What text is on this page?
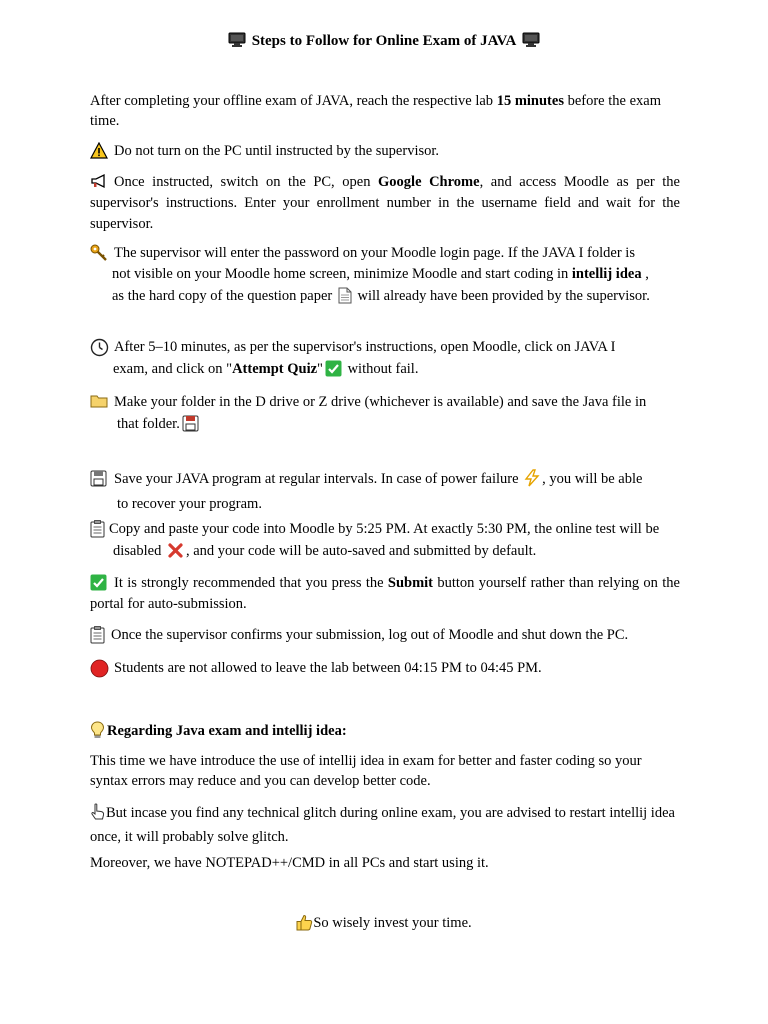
Steps to Follow for Online Exam of JAVA
After completing your offline exam of JAVA, reach the respective lab 15 minutes before the exam time.
Do not turn on the PC until instructed by the supervisor.
Once instructed, switch on the PC, open Google Chrome, and access Moodle as per the supervisor's instructions. Enter your enrollment number in the username field and wait for the supervisor.
The supervisor will enter the password on your Moodle login page. If the JAVA I folder is
not visible on your Moodle home screen, minimize Moodle and start coding in intellij idea ,
as the hard copy of the question paper  will already have been provided by the supervisor.
After 5–10 minutes, as per the supervisor's instructions, open Moodle, click on JAVA I
exam, and click on "Attempt Quiz" without fail.
Make your folder in the D drive or Z drive (whichever is available) and save the Java file in
that folder.
Save your JAVA program at regular intervals. In case of power failure , you will be able
to recover your program.
Copy and paste your code into Moodle by 5:25 PM. At exactly 5:30 PM, the online test will be
disabled , and your code will be auto-saved and submitted by default.
It is strongly recommended that you press the Submit button yourself rather than relying on the portal for auto-submission.
Once the supervisor confirms your submission, log out of Moodle and shut down the PC.
Students are not allowed to leave the lab between 04:15 PM to 04:45 PM.
Regarding Java exam and intellij idea:
This time we have introduce the use of intellij idea in exam for better and faster coding so your syntax errors may reduce and you can develop better code.
But incase you find any technical glitch during online exam, you are advised to restart intellij idea once, it will probably solve glitch.
Moreover, we have NOTEPAD++/CMD in all PCs and start using it.
So wisely invest your time.
